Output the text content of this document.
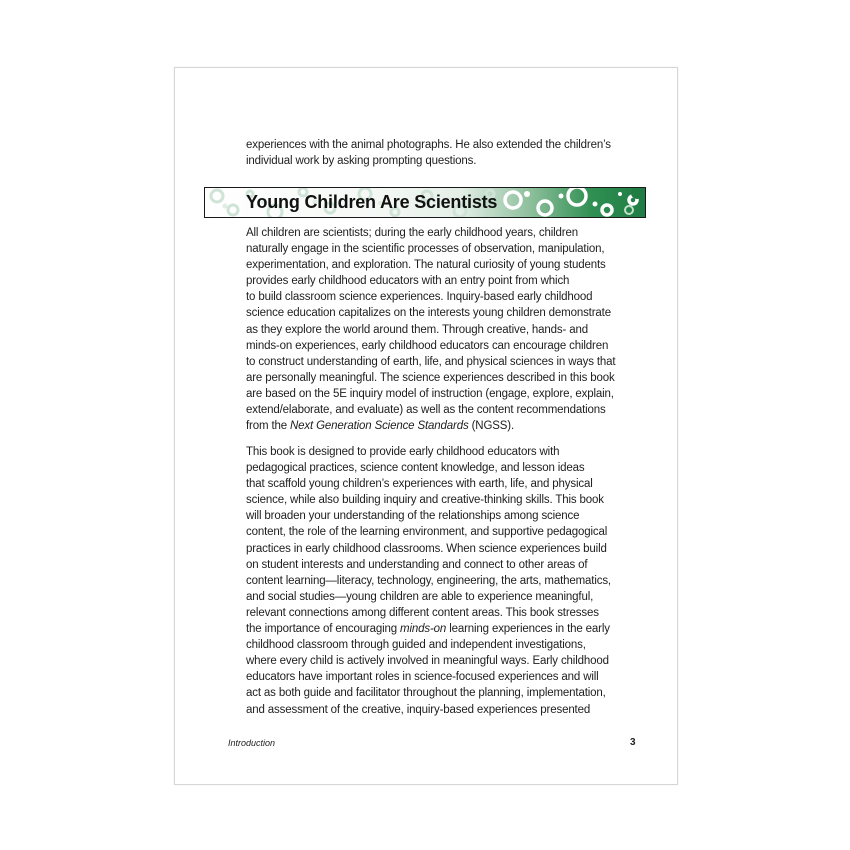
experiences with the animal photographs. He also extended the children’s
individual work by asking prompting questions.
Young Children Are Scientists
All children are scientists; during the early childhood years, children
naturally engage in the scientific processes of observation, manipulation,
experimentation, and exploration. The natural curiosity of young students
provides early childhood educators with an entry point from which
to build classroom science experiences. Inquiry-based early childhood
science education capitalizes on the interests young children demonstrate
as they explore the world around them. Through creative, hands- and
minds-on experiences, early childhood educators can encourage children
to construct understanding of earth, life, and physical sciences in ways that
are personally meaningful. The science experiences described in this book
are based on the 5E inquiry model of instruction (engage, explore, explain,
extend/elaborate, and evaluate) as well as the content recommendations
from the Next Generation Science Standards (NGSS).
This book is designed to provide early childhood educators with
pedagogical practices, science content knowledge, and lesson ideas
that scaffold young children’s experiences with earth, life, and physical
science, while also building inquiry and creative-thinking skills. This book
will broaden your understanding of the relationships among science
content, the role of the learning environment, and supportive pedagogical
practices in early childhood classrooms. When science experiences build
on student interests and understanding and connect to other areas of
content learning—literacy, technology, engineering, the arts, mathematics,
and social studies—young children are able to experience meaningful,
relevant connections among different content areas. This book stresses
the importance of encouraging minds-on learning experiences in the early
childhood classroom through guided and independent investigations,
where every child is actively involved in meaningful ways. Early childhood
educators have important roles in science-focused experiences and will
act as both guide and facilitator throughout the planning, implementation,
and assessment of the creative, inquiry-based experiences presented
Introduction	3
